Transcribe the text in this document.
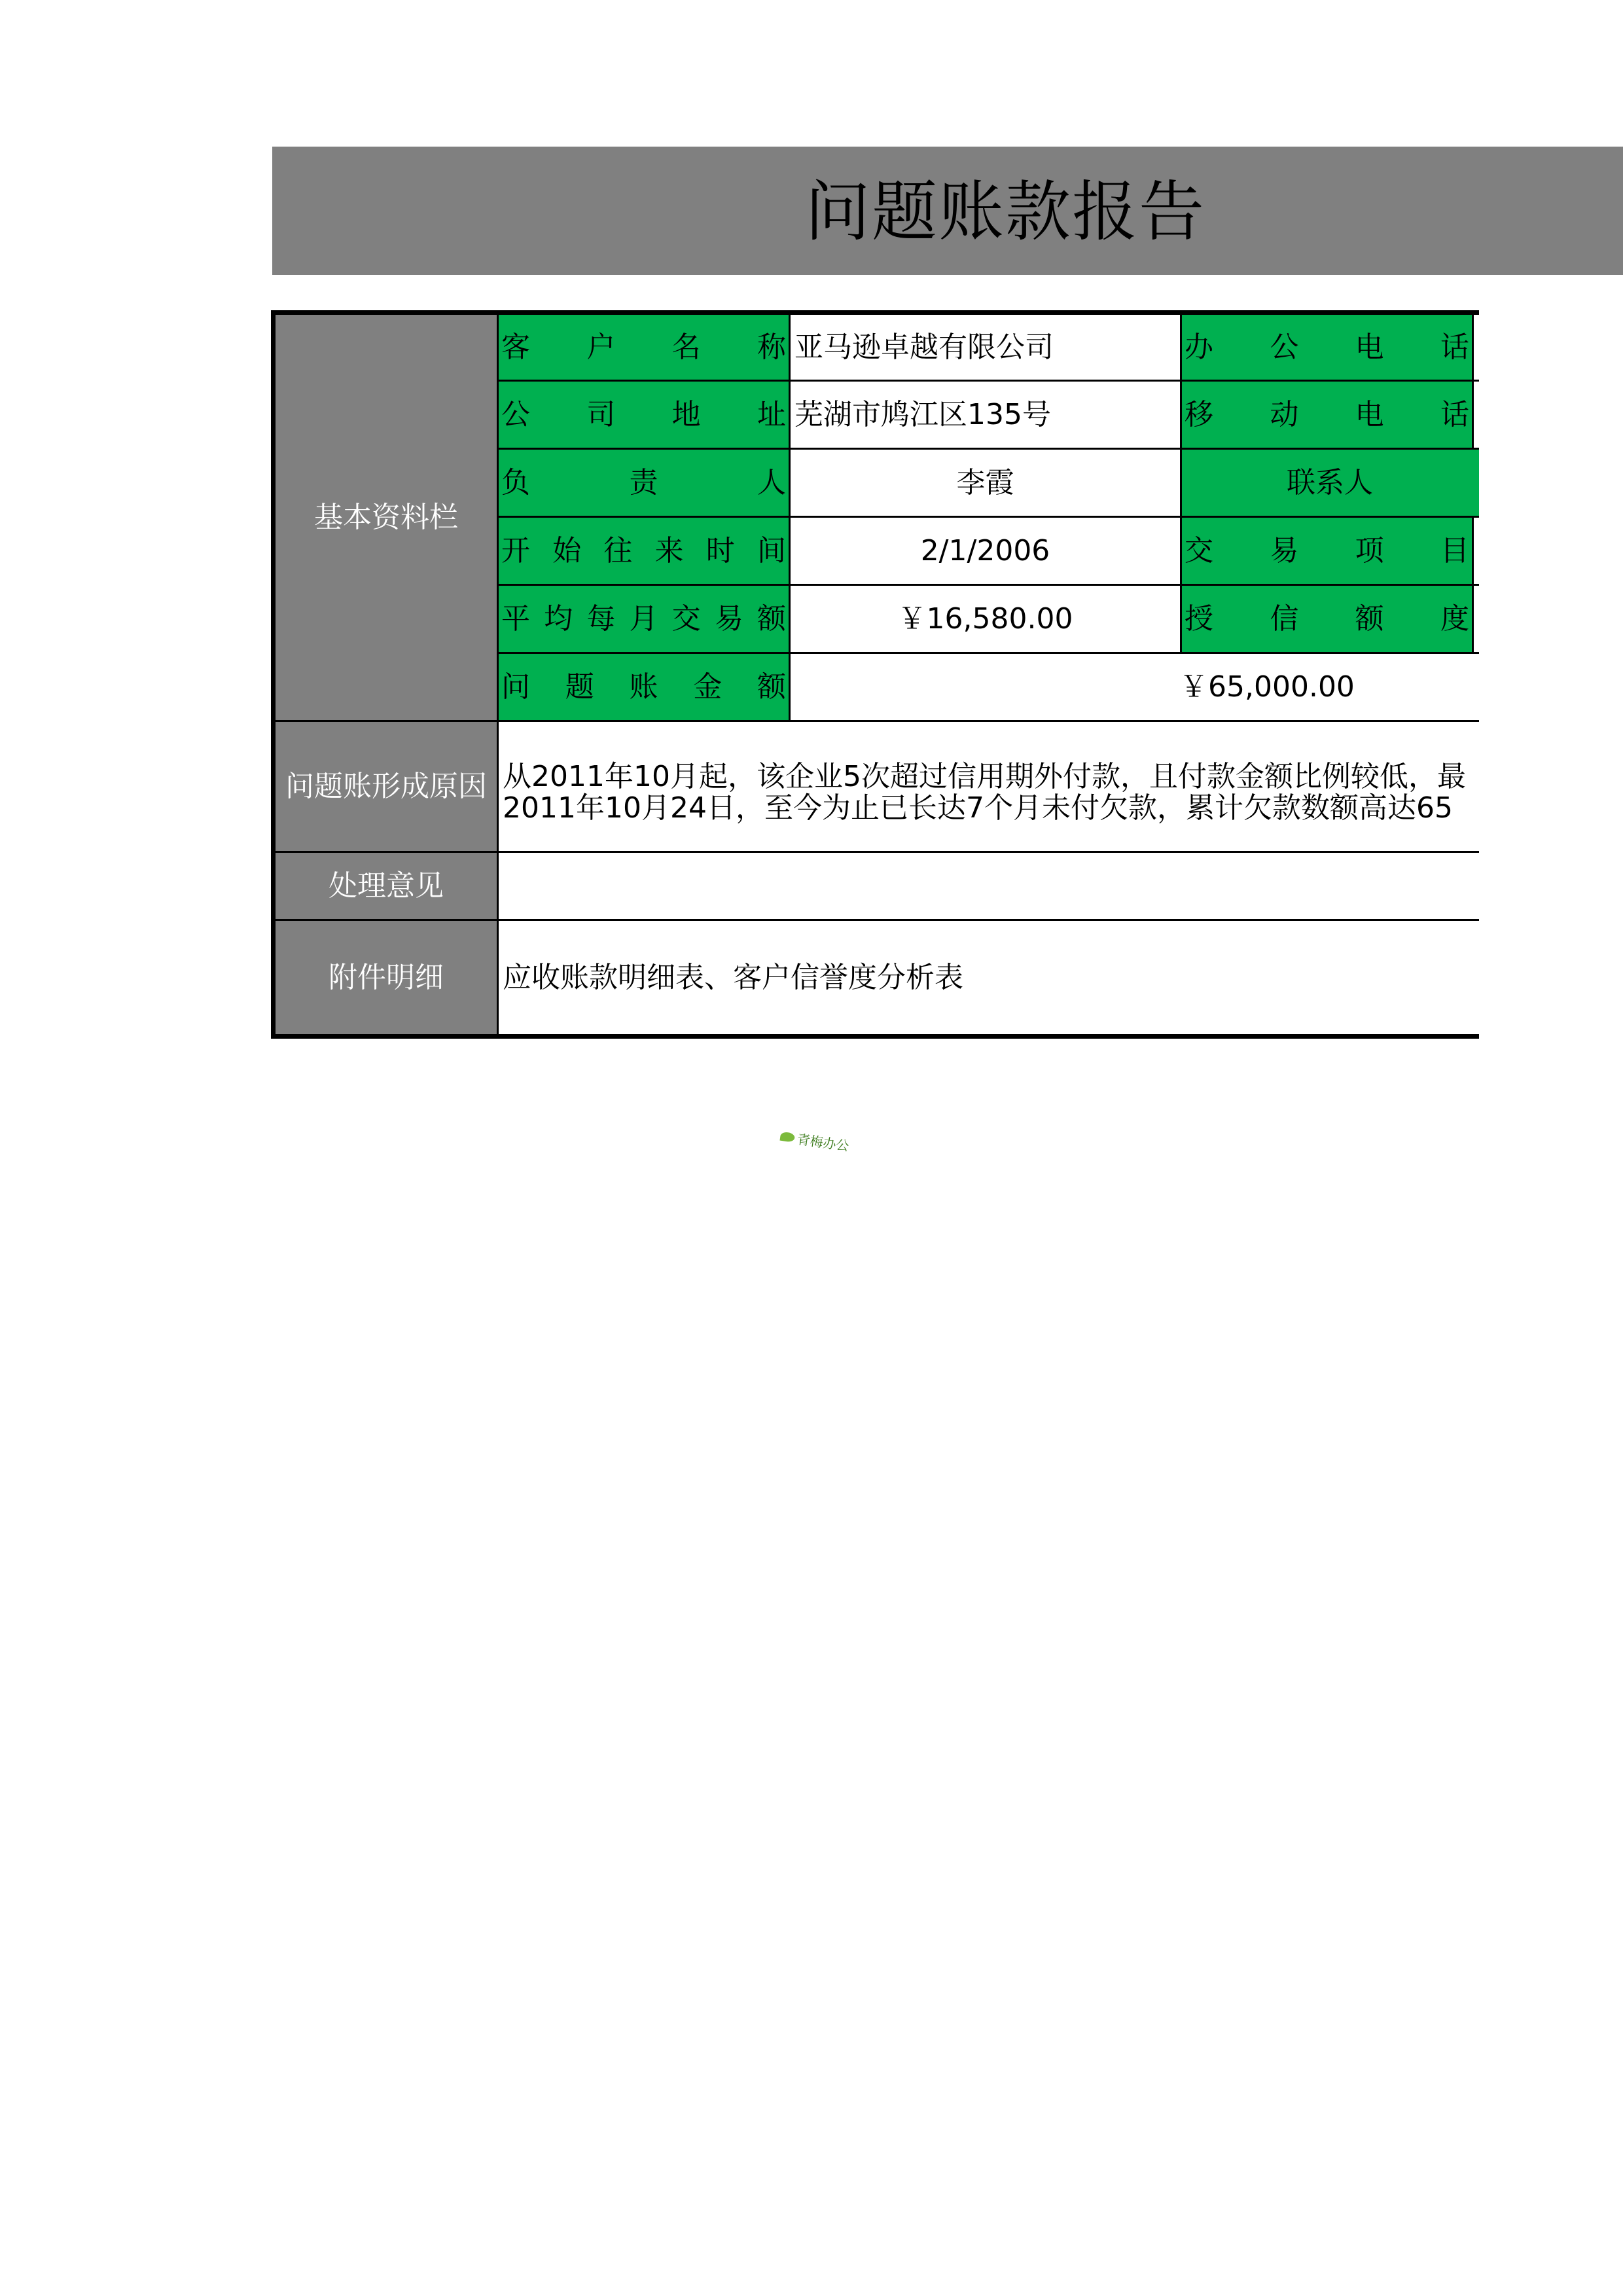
问题账款报告
基本资料栏	客户名称	亚马逊卓越有限公司	办公电话	
	公司地址	芜湖市鸠江区135号	移动电话	
	负责人	李霞	联系人	
	开始往来时间	2/1/2006	交易项目	
	平均每月交易额	￥16,580.00	授信额度	
	问题账金额	￥65,000.00		
问题账形成原因	从2011年10月起，该企业5次超过信用期外付款，且付款金额比例较低，最
2011年10月24日，至今为止已长达7个月未付欠款，累计欠款数额高达65			

处理意见				
附件明细	应收账款明细表、客户信誉度分析表			
青梅办公
